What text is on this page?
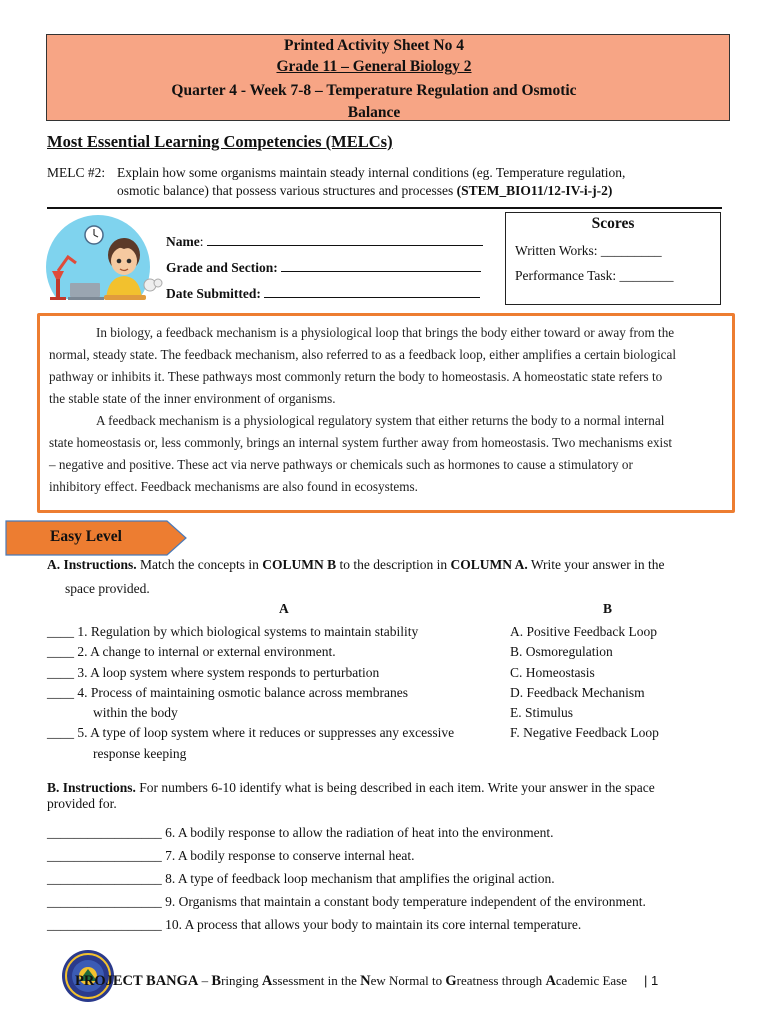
Printed Activity Sheet No 4
Grade 11 – General Biology 2
Quarter 4 - Week 7-8 – Temperature Regulation and Osmotic
Balance
Most Essential Learning Competencies (MELCs)
MELC #2: Explain how some organisms maintain steady internal conditions (eg. Temperature regulation,
osmotic balance) that possess various structures and processes (STEM_BIO11/12-IV-i-j-2)
Name:
Grade and Section:
Date Submitted:
Scores
Written Works: _________
Performance Task: ________

In biology, a feedback mechanism is a physiological loop that brings the body either toward or away from the

normal, steady state. The feedback mechanism, also referred to as a feedback loop, either amplifies a certain biological

pathway or inhibits it. These pathways most commonly return the body to homeostasis. A homeostatic state refers to

the stable state of the inner environment of organisms.

A feedback mechanism is a physiological regulatory system that either returns the body to a normal internal

state homeostasis or, less commonly, brings an internal system further away from homeostasis. Two mechanisms exist

– negative and positive. These act via nerve pathways or chemicals such as hormones to cause a stimulatory or

inhibitory effect. Feedback mechanisms are also found in ecosystems.

Easy Level
A. Instructions. Match the concepts in COLUMN B to the description in COLUMN A. Write your answer in the
space provided.
A	B
____ 1. Regulation by which biological systems to maintain stability
____ 2. A change to internal or external environment.
____ 3. A loop system where system responds to perturbation
____ 4. Process of maintaining osmotic balance across membranes
within the body
____ 5. A type of loop system where it reduces or suppresses any excessive
response keeping
A. Positive Feedback Loop
B. Osmoregulation
C. Homeostasis
D. Feedback Mechanism
E. Stimulus
F. Negative Feedback Loop
B. Instructions. For numbers 6-10 identify what is being described in each item. Write your answer in the space
provided for.
_________________ 6. A bodily response to allow the radiation of heat into the environment.
_________________ 7. A bodily response to conserve internal heat.
_________________ 8. A type of feedback loop mechanism that amplifies the original action.
_________________ 9. Organisms that maintain a constant body temperature independent of the environment.
_________________ 10. A process that allows your body to maintain its core internal temperature.
PROJECT BANGA – Bringing Assessment in the New Normal to Greatness through Academic Ease | 1
